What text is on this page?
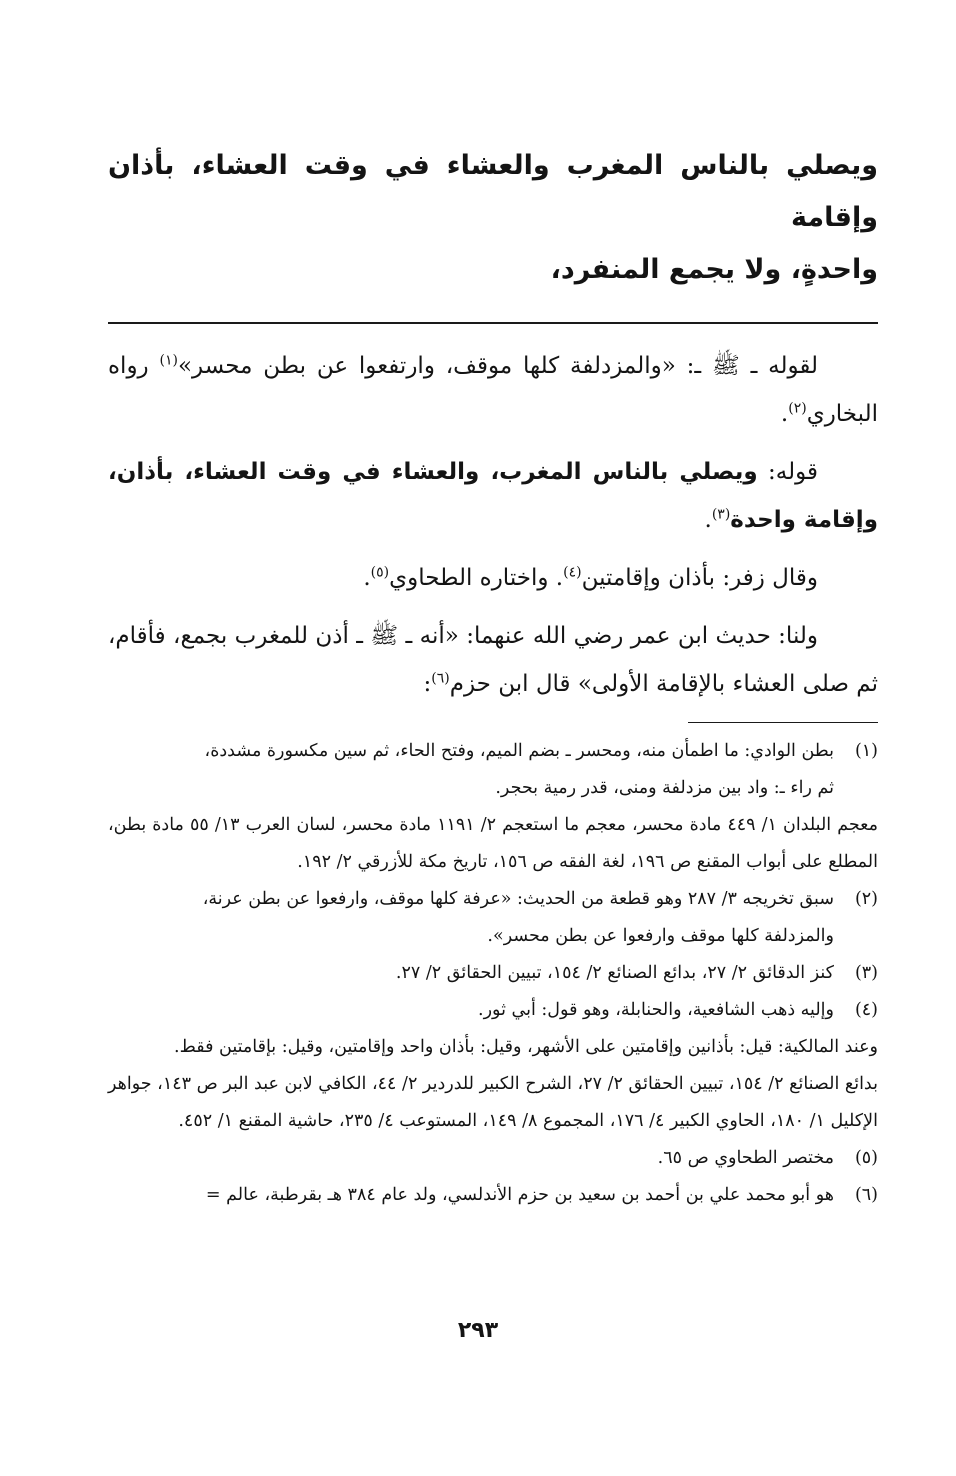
ويصلي بالناس المغرب والعشاء في وقت العشاء، بأذان وإقامة

واحدةٍ، ولا يجمع المنفرد،

لقوله ـ ﷺ ـ: «والمزدلفة كلها موقف، وارتفعوا عن بطن محسر»$^{(١)}$ رواه البخاري$^{(٢)}$.

قوله: ويصلي بالناس المغرب، والعشاء في وقت العشاء، بأذان، وإقامة واحدة$^{(٣)}$.

وقال زفر: بأذان وإقامتين$^{(٤)}$. واختاره الطحاوي$^{(٥)}$.

ولنا: حديث ابن عمر رضي الله عنهما: «أنه ـ ﷺ ـ أذن للمغرب بجمع، فأقام، ثم صلى العشاء بالإقامة الأولى» قال ابن حزم$^{(٦)}$:

(١)
بطن الوادي: ما اطمأن منه، ومحسر ـ بضم الميم، وفتح الحاء، ثم سين مكسورة مشددة،
ثم راء ـ: واد بين مزدلفة ومنى، قدر رمية بحجر.
معجم البلدان ١/ ٤٤٩ مادة محسر، معجم ما استعجم ٢/ ١١٩١ مادة محسر، لسان العرب ١٣/ ٥٥ مادة بطن، المطلع على أبواب المقنع ص ١٩٦، لغة الفقه ص ١٥٦، تاريخ مكة للأزرقي ٢/ ١٩٢.
(٢)
سبق تخريجه ٣/ ٢٨٧ وهو قطعة من الحديث: «عرفة كلها موقف، وارفعوا عن بطن عرنة،
والمزدلفة كلها موقف وارفعوا عن بطن محسر».
(٣)
كنز الدقائق ٢/ ٢٧، بدائع الصنائع ٢/ ١٥٤، تبيين الحقائق ٢/ ٢٧.
(٤)
وإليه ذهب الشافعية، والحنابلة، وهو قول: أبي ثور.
وعند المالكية: قيل: بأذانين وإقامتين على الأشهر، وقيل: بأذان واحد وإقامتين، وقيل: بإقامتين فقط.
بدائع الصنائع ٢/ ١٥٤، تبيين الحقائق ٢/ ٢٧، الشرح الكبير للدردير ٢/ ٤٤، الكافي لابن عبد البر ص ١٤٣، جواهر الإكليل ١/ ١٨٠، الحاوي الكبير ٤/ ١٧٦، المجموع ٨/ ١٤٩، المستوعب ٤/ ٢٣٥، حاشية المقنع ١/ ٤٥٢.
(٥)
مختصر الطحاوي ص ٦٥.
(٦)
هو أبو محمد علي بن أحمد بن سعيد بن حزم الأندلسي، ولد عام ٣٨٤ هـ بقرطبة، عالم =
٢٩٣
